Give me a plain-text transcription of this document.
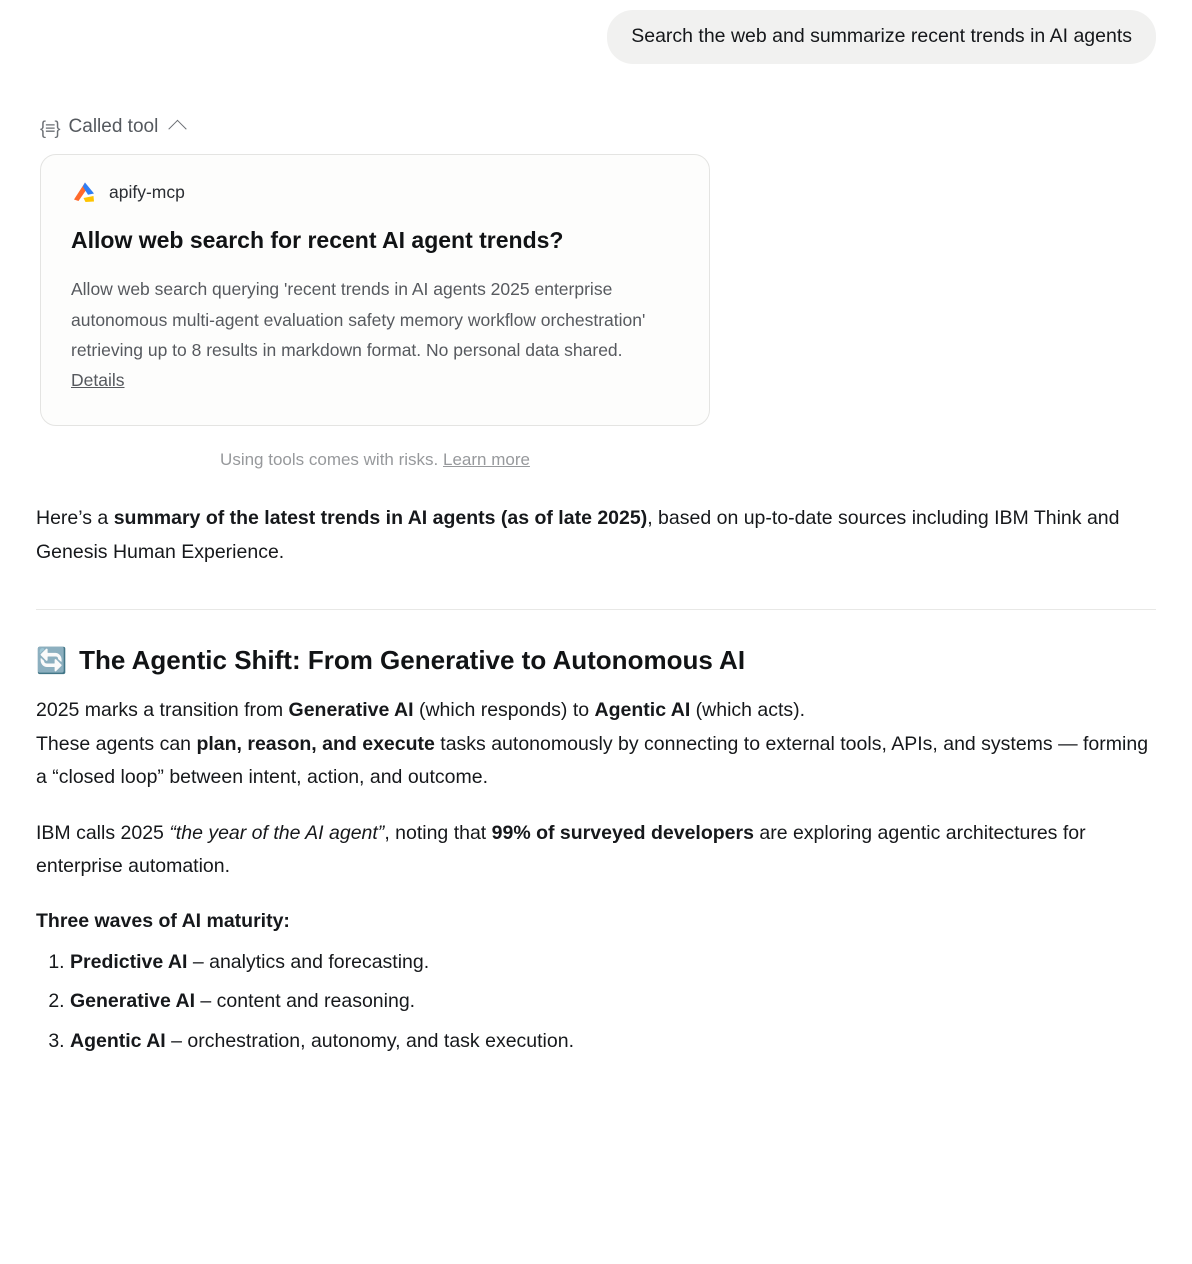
Search the web and summarize recent trends in AI agents
{≡} Called tool
apify-mcp
Allow web search for recent AI agent trends?
Allow web search querying 'recent trends in AI agents 2025 enterprise autonomous multi-agent evaluation safety memory workflow orchestration' retrieving up to 8 results in markdown format. No personal data shared. Details
Using tools comes with risks. Learn more

Here’s a summary of the latest trends in AI agents (as of late 2025), based on up-to-date sources including IBM Think and Genesis Human Experience.

🔄 The Agentic Shift: From Generative to Autonomous AI

2025 marks a transition from Generative AI (which responds) to Agentic AI (which acts).
These agents can plan, reason, and execute tasks autonomously by connecting to external tools, APIs, and systems — forming a “closed loop” between intent, action, and outcome.

IBM calls 2025 “the year of the AI agent”, noting that 99% of surveyed developers are exploring agentic architectures for enterprise automation.

Three waves of AI maturity:

1. Predictive AI – analytics and forecasting.
2. Generative AI – content and reasoning.
3. Agentic AI – orchestration, autonomy, and task execution.
